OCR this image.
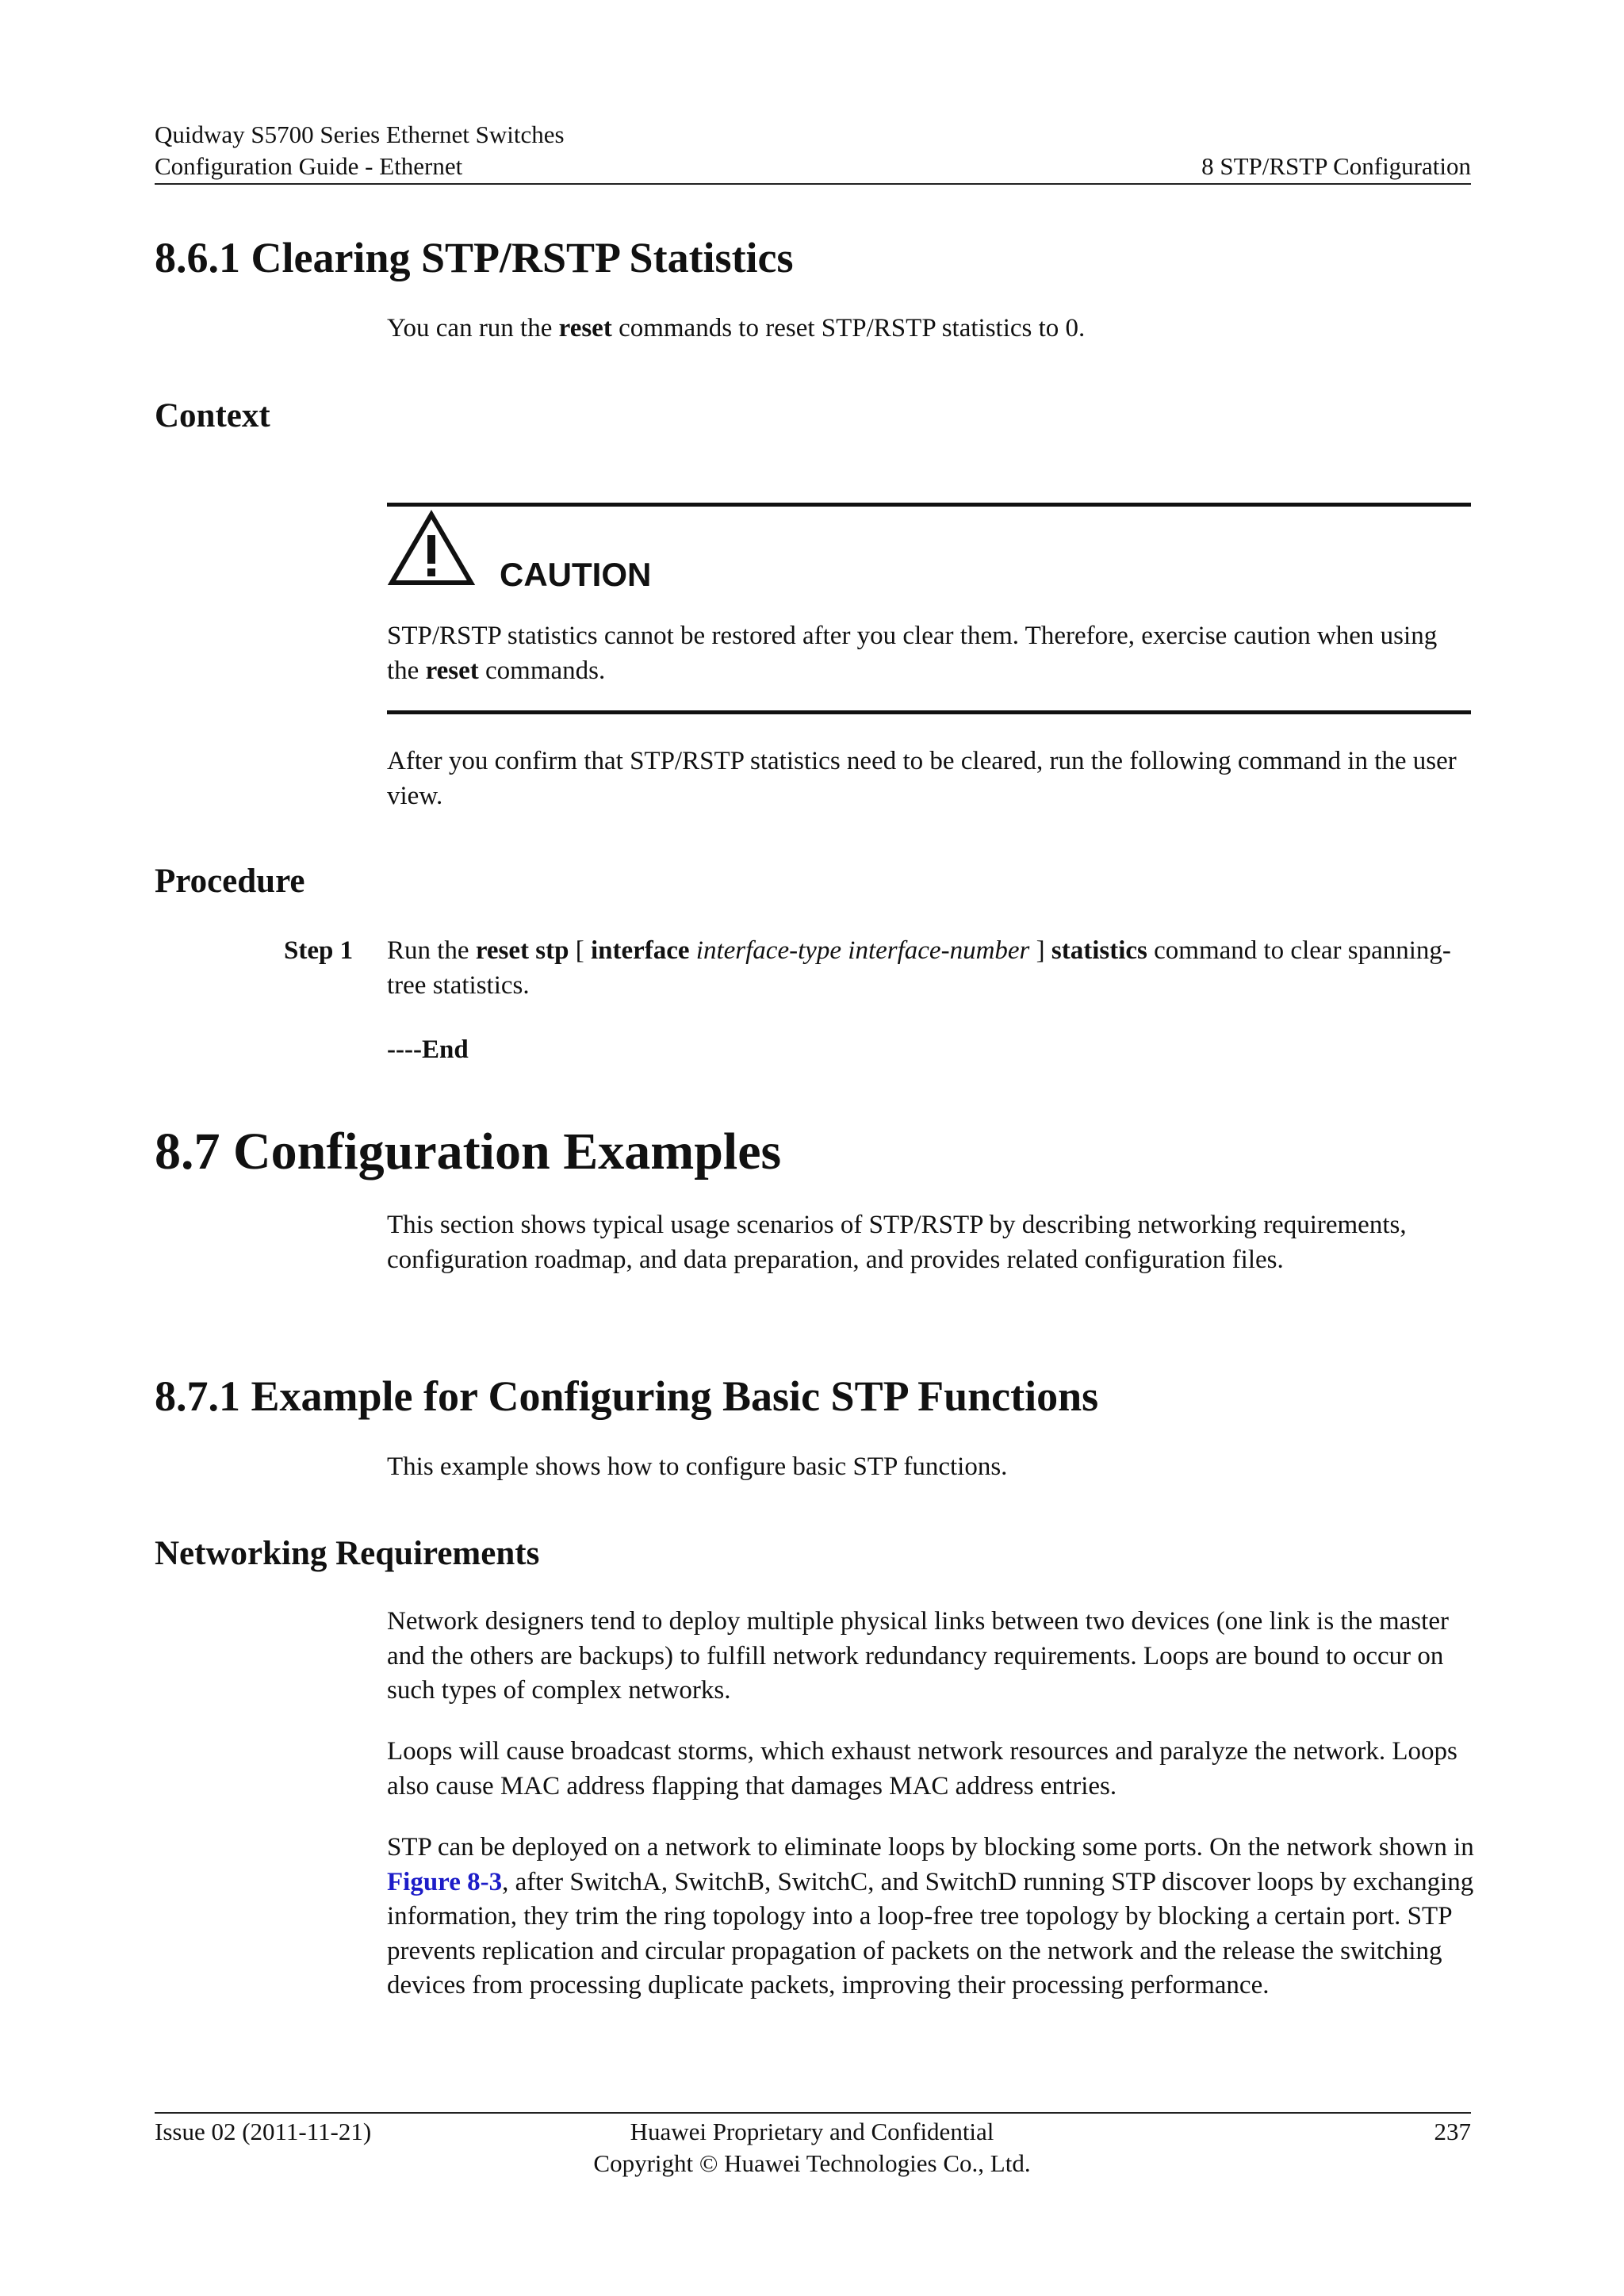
Quidway S5700 Series Ethernet Switches
Configuration Guide - Ethernet	8 STP/RSTP Configuration
8.6.1 Clearing STP/RSTP Statistics
You can run the reset commands to reset STP/RSTP statistics to 0.
Context
CAUTION
STP/RSTP statistics cannot be restored after you clear them. Therefore, exercise caution when using the reset commands.
After you confirm that STP/RSTP statistics need to be cleared, run the following command in the user view.
Procedure
Step 1 Run the reset stp [ interface interface-type interface-number ] statistics command to clear spanning-tree statistics.
----End
8.7 Configuration Examples
This section shows typical usage scenarios of STP/RSTP by describing networking requirements, configuration roadmap, and data preparation, and provides related configuration files.
8.7.1 Example for Configuring Basic STP Functions
This example shows how to configure basic STP functions.
Networking Requirements
Network designers tend to deploy multiple physical links between two devices (one link is the master and the others are backups) to fulfill network redundancy requirements. Loops are bound to occur on such types of complex networks.
Loops will cause broadcast storms, which exhaust network resources and paralyze the network. Loops also cause MAC address flapping that damages MAC address entries.
STP can be deployed on a network to eliminate loops by blocking some ports. On the network shown in Figure 8-3, after SwitchA, SwitchB, SwitchC, and SwitchD running STP discover loops by exchanging information, they trim the ring topology into a loop-free tree topology by blocking a certain port. STP prevents replication and circular propagation of packets on the network and the release the switching devices from processing duplicate packets, improving their processing performance.
Issue 02 (2011-11-21)	Huawei Proprietary and Confidential
Copyright © Huawei Technologies Co., Ltd.
237
